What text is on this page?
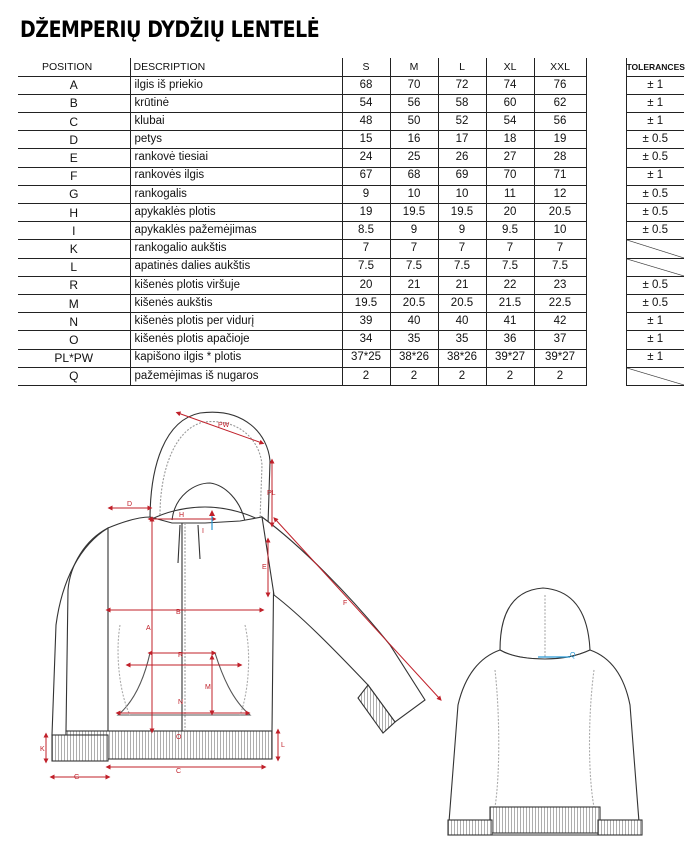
DŽEMPERIŲ DYDŽIŲ LENTELĖ
POSITION	DESCRIPTION	S	M	L	XL	XXL		TOLERANCES
A	ilgis iš priekio	68	70	72	74	76		± 1
B	krūtinė	54	56	58	60	62		± 1
C	klubai	48	50	52	54	56		± 1
D	petys	15	16	17	18	19		± 0.5
E	rankovė tiesiai	24	25	26	27	28		± 0.5
F	rankovės ilgis	67	68	69	70	71		± 1
G	rankogalis	9	10	10	11	12		± 0.5
H	apykaklės plotis	19	19.5	19.5	20	20.5		± 0.5
I	apykaklės pažemėjimas	8.5	9	9	9.5	10		± 0.5
K	rankogalio aukštis	7	7	7	7	7		
L	apatinės dalies aukštis	7.5	7.5	7.5	7.5	7.5		
R	kišenės plotis viršuje	20	21	21	22	23		± 0.5
M	kišenės aukštis	19.5	20.5	20.5	21.5	22.5		± 0.5
N	kišenės plotis per vidurį	39	40	40	41	42		± 1
O	kišenės plotis apačioje	34	35	35	36	37		± 1
PL*PW	kapišono ilgis * plotis	37*25	38*26	38*26	39*27	39*27		± 1
Q	pažemėjimas iš nugaros	2	2	2	2	2		
PW
PL
D
H
I
E
F
B
A
R
M
N
O
L
K
G
C
Q
